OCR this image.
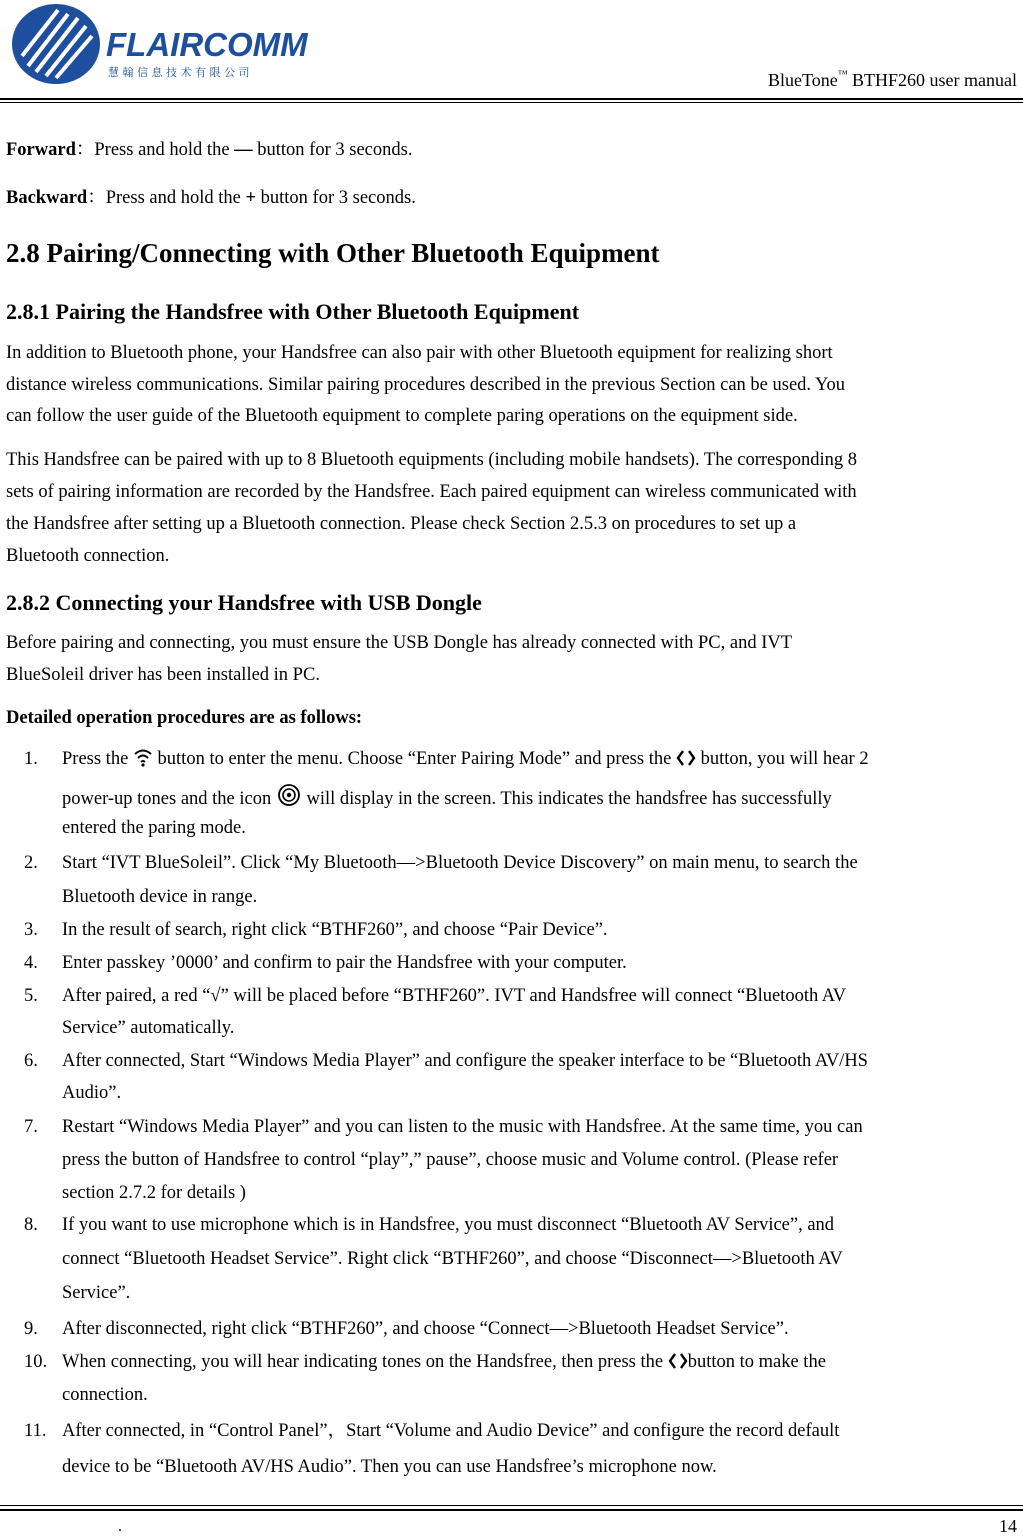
FLAIRCOMM
慧 翰 信 息 技 术 有 限 公 司	BlueTone™ BTHF260 user manual
Forward：Press and hold the — button for 3 seconds.
Backward：Press and hold the + button for 3 seconds.
2.8 Pairing/Connecting with Other Bluetooth Equipment
2.8.1 Pairing the Handsfree with Other Bluetooth Equipment
In addition to Bluetooth phone, your Handsfree can also pair with other Bluetooth equipment for realizing short
distance wireless communications. Similar pairing procedures described in the previous Section can be used. You
can follow the user guide of the Bluetooth equipment to complete paring operations on the equipment side.
This Handsfree can be paired with up to 8 Bluetooth equipments (including mobile handsets). The corresponding 8
sets of pairing information are recorded by the Handsfree. Each paired equipment can wireless communicated with
the Handsfree after setting up a Bluetooth connection. Please check Section 2.5.3 on procedures to set up a
Bluetooth connection.
2.8.2 Connecting your Handsfree with USB Dongle
Before pairing and connecting, you must ensure the USB Dongle has already connected with PC, and IVT
BlueSoleil driver has been installed in PC.
Detailed operation procedures are as follows:
1. Press the  button to enter the menu. Choose “Enter Pairing Mode” and press the  button, you will hear 2
power-up tones and the icon  will display in the screen. This indicates the handsfree has successfully
entered the paring mode.
2. Start “IVT BlueSoleil”. Click “My Bluetooth—>Bluetooth Device Discovery” on main menu, to search the
Bluetooth device in range.
3. In the result of search, right click “BTHF260”, and choose “Pair Device”.
4. Enter passkey ’0000’ and confirm to pair the Handsfree with your computer.
5. After paired, a red “√” will be placed before “BTHF260”. IVT and Handsfree will connect “Bluetooth AV
Service” automatically.
6. After connected, Start “Windows Media Player” and configure the speaker interface to be “Bluetooth AV/HS
Audio”.
7. Restart “Windows Media Player” and you can listen to the music with Handsfree. At the same time, you can
press the button of Handsfree to control “play”,” pause”, choose music and Volume control. (Please refer
section 2.7.2 for details )
8. If you want to use microphone which is in Handsfree, you must disconnect “Bluetooth AV Service”, and
connect “Bluetooth Headset Service”. Right click “BTHF260”, and choose “Disconnect—>Bluetooth AV
Service”.
9. After disconnected, right click “BTHF260”, and choose “Connect—>Bluetooth Headset Service”.
10. When connecting, you will hear indicating tones on the Handsfree, then press the button to make the
connection.
11. After connected, in “Control Panel”，Start “Volume and Audio Device” and configure the record default
device to be “Bluetooth AV/HS Audio”. Then you can use Handsfree’s microphone now.
.	14
